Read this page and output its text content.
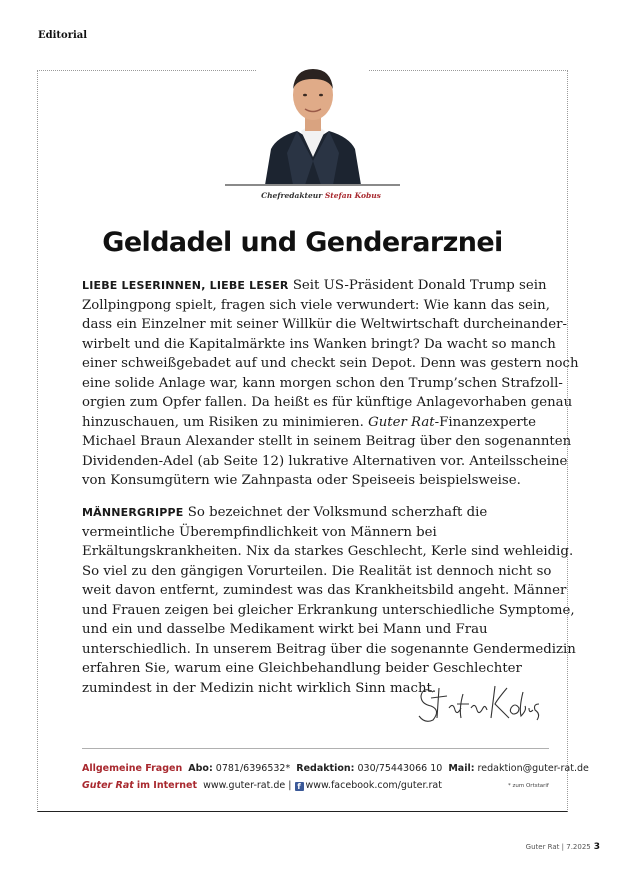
Editorial
Chefredakteur Stefan Kobus
Geldadel und Genderarznei
LIEBE LESERINNEN, LIEBE LESER Seit US-Präsident Donald Trump sein Zollpingpong spielt, fragen sich viele verwundert: Wie kann das sein, dass ein Einzelner mit seiner Willkür die Weltwirtschaft durcheinanderwirbelt und die Kapitalmärkte ins Wanken bringt? Da wacht so manch einer schweißgebadet auf und checkt sein Depot. Denn was gestern noch eine solide Anlage war, kann morgen schon den Trump’schen Strafzollorgien zum Opfer fallen. Da heißt es für künftige Anlagevorhaben genau hinzuschauen, um Risiken zu minimieren. Guter Rat-Finanzexperte Michael Braun Alexander stellt in seinem Beitrag über den sogenannten Dividenden-Adel (ab Seite 12) lukrative Alternativen vor. Anteilsscheine von Konsumgütern wie Zahnpasta oder Speiseeis beispielsweise.
MÄNNERGRIPPE So bezeichnet der Volksmund scherzhaft die vermeintliche Überempfindlichkeit von Männern bei Erkältungskrankheiten. Nix da starkes Geschlecht, Kerle sind wehleidig. So viel zu den gängigen Vorurteilen. Die Realität ist dennoch nicht so weit davon entfernt, zumindest was das Krankheitsbild angeht. Männer und Frauen zeigen bei gleicher Erkrankung unterschiedliche Symptome, und ein und dasselbe Medikament wirkt bei Mann und Frau unterschiedlich. In unserem Beitrag über die sogenannte Gendermedizin erfahren Sie, warum eine Gleichbehandlung beider Geschlechter zumindest in der Medizin nicht wirklich Sinn macht.
Allgemeine Fragen Abo: 0781/6396532* Redaktion: 030/75443066 10 Mail: redaktion@guter-rat.de
Guter Rat im Internet www.guter-rat.de | f www.facebook.com/guter.rat	* zum Ortstarif
Guter Rat | 7.2025 3
